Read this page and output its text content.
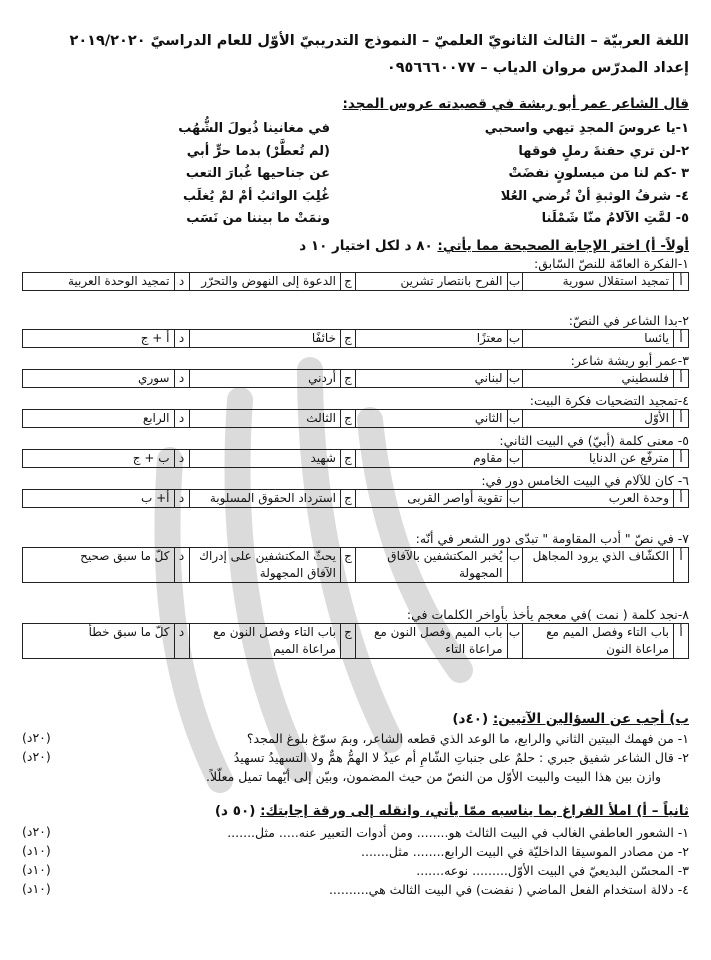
اللغة العربيّة – الثالث الثانويّ العلميّ – النموذج التدريبيّ الأوّل للعام الدراسيّ ٢٠١٩/٢٠٢٠
إعداد المدرّس مروان الدياب – ٠٩٥٦٦٦٠٠٧٧
قال الشاعر عمر أبو ريشة في قصيدته عروس المجد:
١-يا عروسَ المجدِ تيهي واسحبي
في مغانينا ذُيولَ الشُّهُب
٢-لن تري حفنةَ رملٍ فوقها
(لم تُعطَّرْ) بدما حرٍّ أبي
٣ -كم لنا من ميسلونٍ نفضَتْ
عن جناحيها غُبارَ التعب
٤- شرفُ الوثبةِ أنْ تُرضي العُلا
غُلِبَ الواثبُ أمْ لمْ يُغلَب
٥- لمَّتِ الآلامُ منّا شَمْلَنا
ونمَتْ ما بيننا من نَسَب
أولاً- أ) اختر الإجابة الصحيحة مما يأتي: ٨٠ د لكل اختيار ١٠ د
١-الفكرة العامّة للنصّ السّابق:
أ	تمجيد استقلال سورية	ب	الفرح بانتصار تشرين	ج	الدعوة إلى النهوض والتحرّر	د	تمجيد الوحدة العربية
٢-بدا الشاعر في النصّ:
أ	يائسا	ب	معتزًا	ج	خائفًا	د	أ + ج
٣-عمر أبو ريشة شاعر:
أ	فلسطيني	ب	لبناني	ج	أردني	د	سوري
٤-تمجيد التضحيات فكرة البيت:
أ	الأوّل	ب	الثاني	ج	الثالث	د	الرابع
٥- معنى كلمة (أبيّ) في البيت الثاني:
أ	مترفّع عن الدنايا	ب	مقاوم	ج	شهيد	د	ب + ج
٦- كان للآلام في البيت الخامس دور في:
أ	وحدة العرب	ب	تقوية أواصر القربى	ج	استرداد الحقوق المسلوبة	د	أ+ ب
٧- في نصّ " أدب المقاومة " تبدّى دور الشعر في أنّه:
أ	الكشّاف الذي يرود المجاهل	ب	يُخبر المكتشفين بالآفاق المجهولة	ج	يحثّ المكتشفين على إدراك الآفاق المجهولة	د	كلّ ما سبق صحيح
٨-نجد كلمة ( نمت )في معجم يأخذ بأواخر الكلمات في:
أ	باب التاء وفصل الميم مع مراعاة النون	ب	باب الميم وفصل النون مع مراعاة التاء	ج	باب التاء وفصل النون مع مراعاة الميم	د	كلّ ما سبق خطأ
ب) أجب عن السؤالين الآتيين: (٤٠د)
١- من فهمك البيتين الثاني والرابع، ما الوعد الذي قطعه الشاعر، وبمَ سوّغ بلوغ المجد؟
(٢٠د)
٢- قال الشاعر شفيق جبري : حلمٌ على جنباتِ الشّامِ أم عيدُ لا الهمُّ همٌّ ولا التسهيدُ تسهيدُ
(٢٠د)
وازن بين هذا البيت والبيت الأوّل من النصّ من حيث المضمون، وبيّن إلى أيّهما تميل معلّلاً.
ثانياً – أ) املأ الفراغ بما يناسبه ممّا يأتي، وانقله إلى ورقة إجابتك: (٥٠ د)
١- الشعور العاطفي الغالب في البيت الثالث هو........ ومن أدوات التعبير عنه..... مثل.......
(٢٠د)
٢- من مصادر الموسيقا الداخليّة في البيت الرابع........ مثل.......
(١٠د)
٣- المحسّن البديعيّ في البيت الأوّل......... نوعه.......
(١٠د)
٤- دلالة استخدام الفعل الماضي ( نفضت) في البيت الثالث هي..........
(١٠د)
